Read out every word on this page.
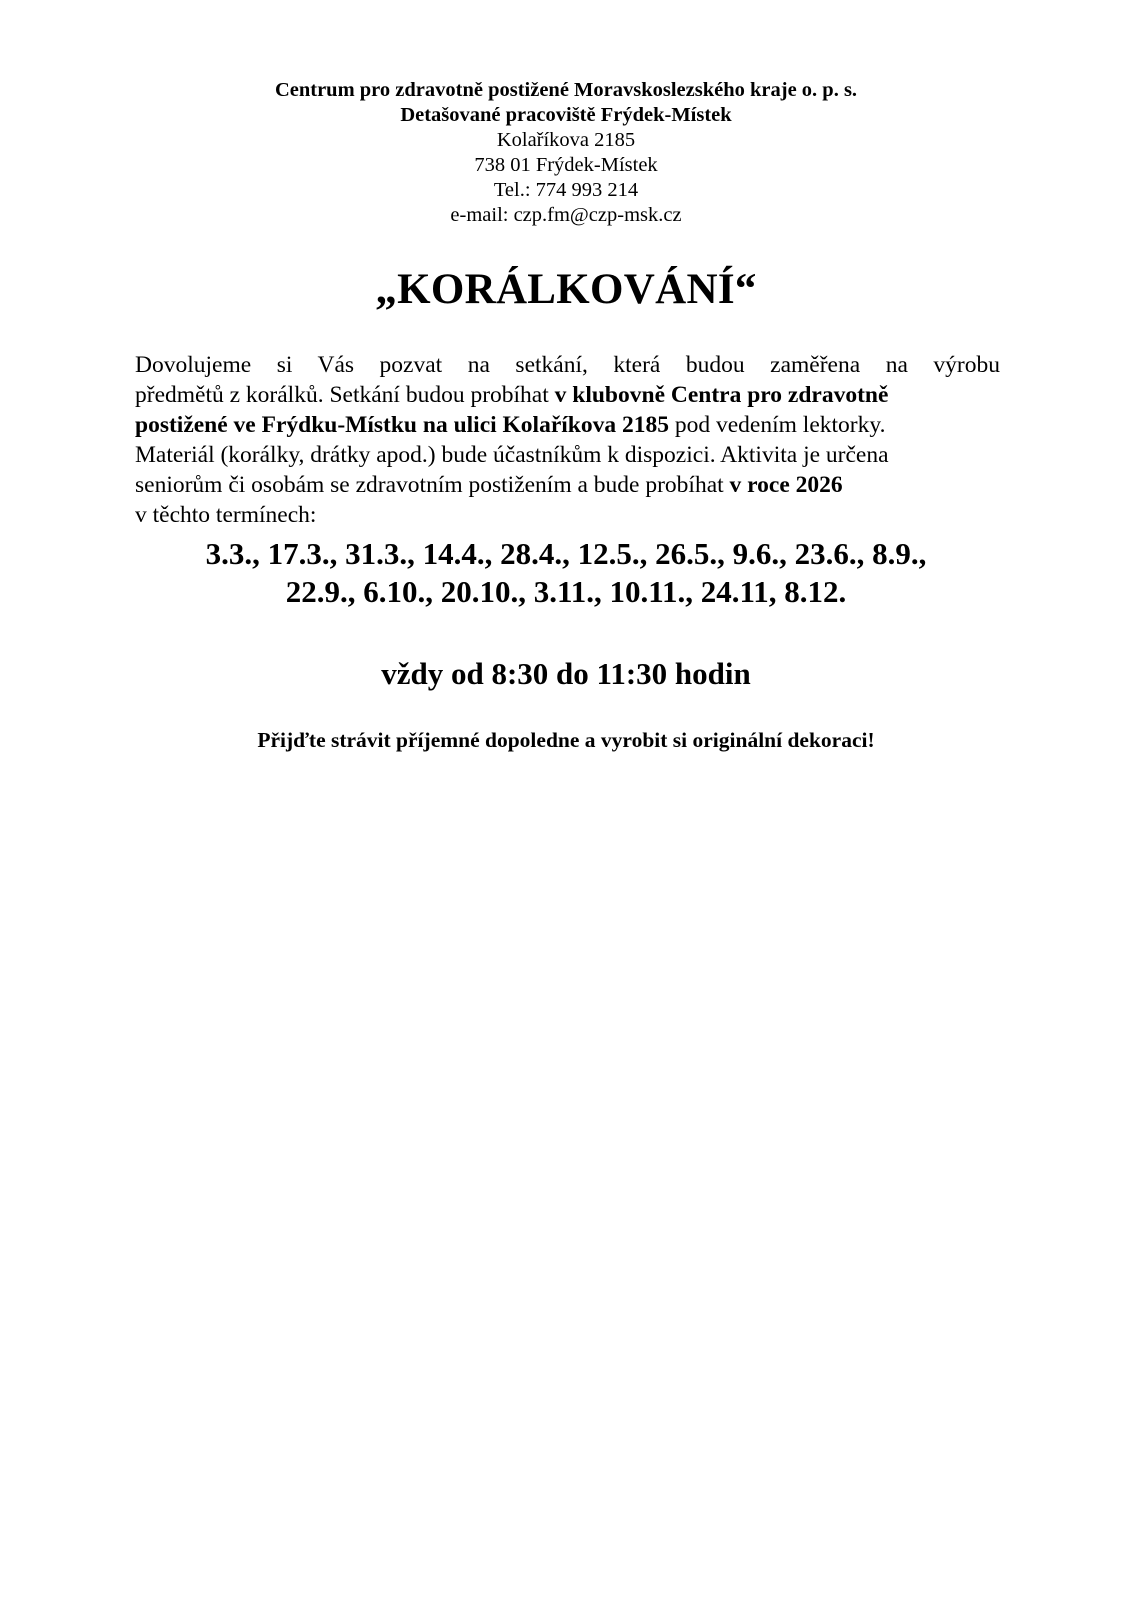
Centrum pro zdravotně postižené Moravskoslezského kraje o. p. s.
Detašované pracoviště Frýdek-Místek
Kolaříkova 2185
738 01 Frýdek-Místek
Tel.: 774 993 214
e-mail: czp.fm@czp-msk.cz
„KORÁLKOVÁNÍ“
Dovolujeme si Vás pozvat na setkání, která budou zaměřena na výrobu
předmětů z korálků. Setkání budou probíhat v klubovně Centra pro zdravotně
postižené ve Frýdku-Místku na ulici Kolaříkova 2185 pod vedením lektorky.
Materiál (korálky, drátky apod.) bude účastníkům k dispozici. Aktivita je určena
seniorům či osobám se zdravotním postižením a bude probíhat v roce 2026
v těchto termínech:
3.3., 17.3., 31.3., 14.4., 28.4., 12.5., 26.5., 9.6., 23.6., 8.9.,
22.9., 6.10., 20.10., 3.11., 10.11., 24.11, 8.12.
vždy od 8:30 do 11:30 hodin
Přijďte strávit příjemné dopoledne a vyrobit si originální dekoraci!
